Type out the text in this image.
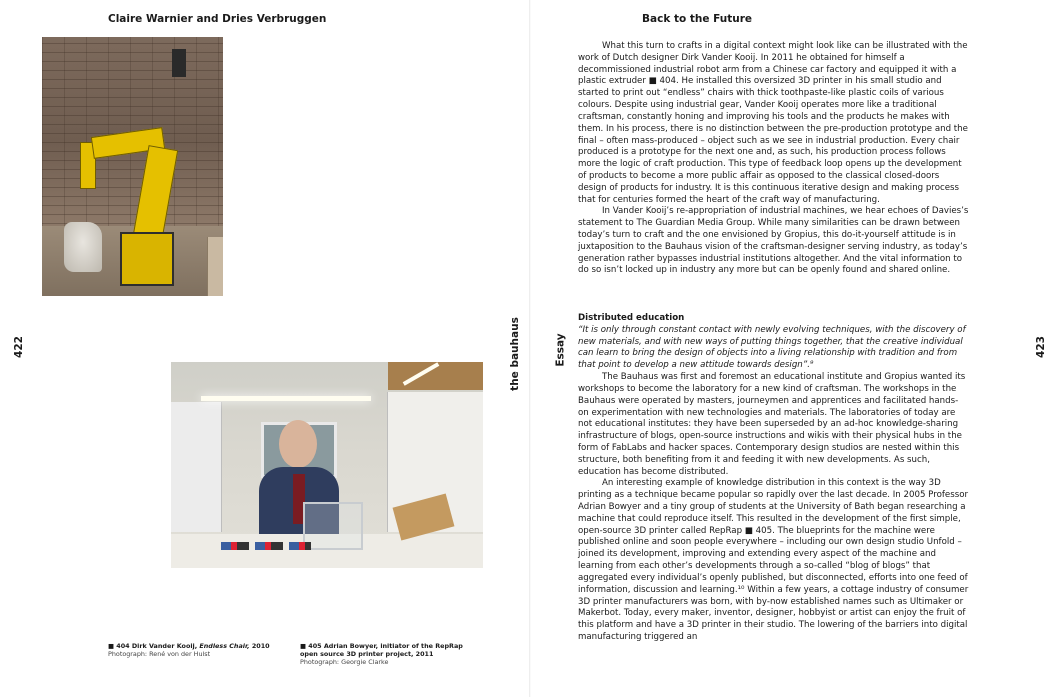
Claire Warnier and Dries Verbruggen	Back to the Future
422	423
the bauhaus	Essay
■ 404 Dirk Vander Kooij, Endless Chair, 2010
Photograph: René von der Hulst
■ 405 Adrian Bowyer, initiator of the RepRap
open source 3D printer project, 2011
Photograph: Georgie Clarke

What this turn to crafts in a digital context might look like can be illustrated with the work of Dutch designer Dirk Vander Kooij. In 2011 he obtained for himself a decommissioned industrial robot arm from a Chinese car factory and equipped it with a plastic extruder ■ 404. He installed this oversized 3D printer in his small studio and started to print out “endless” chairs with thick toothpaste-like plastic coils of various colours. Despite using industrial gear, Vander Kooij operates more like a traditional craftsman, constantly honing and improving his tools and the products he makes with them. In his process, there is no distinction between the pre-production prototype and the final – often mass-produced – object such as we see in industrial production. Every chair produced is a prototype for the next one and, as such, his production process follows more the logic of craft production. This type of feedback loop opens up the development of products to become a more public affair as opposed to the classical closed-doors design of products for industry. It is this continuous iterative design and making process that for centuries formed the heart of the craft way of manufacturing.

In Vander Kooij’s re-appropriation of industrial machines, we hear echoes of Davies’s statement to The Guardian Media Group. While many similarities can be drawn between today’s turn to craft and the one envisioned by Gropius, this do-it-yourself attitude is in juxtaposition to the Bauhaus vision of the craftsman-designer serving industry, as today’s generation rather bypasses industrial institutions altogether. And the vital information to do so isn’t locked up in industry any more but can be openly found and shared online.

Distributed education

“It is only through constant contact with newly evolving techniques, with the discovery of new materials, and with new ways of putting things together, that the creative individual can learn to bring the design of objects into a living relationship with tradition and from that point to develop a new attitude towards design”.⁹

The Bauhaus was first and foremost an educational institute and Gropius wanted its workshops to become the laboratory for a new kind of craftsman. The workshops in the Bauhaus were operated by masters, journeymen and apprentices and facilitated hands-on experimentation with new technologies and materials. The laboratories of today are not educational institutes: they have been superseded by an ad-hoc knowledge-sharing infrastructure of blogs, open-source instructions and wikis with their physical hubs in the form of FabLabs and hacker spaces. Contemporary design studios are nested within this structure, both benefiting from it and feeding it with new developments. As such, education has become distributed.

An interesting example of knowledge distribution in this context is the way 3D printing as a technique became popular so rapidly over the last decade. In 2005 Professor Adrian Bowyer and a tiny group of students at the University of Bath began researching a machine that could reproduce itself. This resulted in the development of the first simple, open-source 3D printer called RepRap ■ 405. The blueprints for the machine were published online and soon people everywhere – including our own design studio Unfold – joined its development, improving and extending every aspect of the machine and learning from each other’s developments through a so-called “blog of blogs” that aggregated every individual’s openly published, but disconnected, efforts into one feed of information, discussion and learning.¹⁰ Within a few years, a cottage industry of consumer 3D printer manufacturers was born, with by-now established names such as Ultimaker or Makerbot. Today, every maker, inventor, designer, hobbyist or artist can enjoy the fruit of this platform and have a 3D printer in their studio. The lowering of the barriers into digital manufacturing triggered an
